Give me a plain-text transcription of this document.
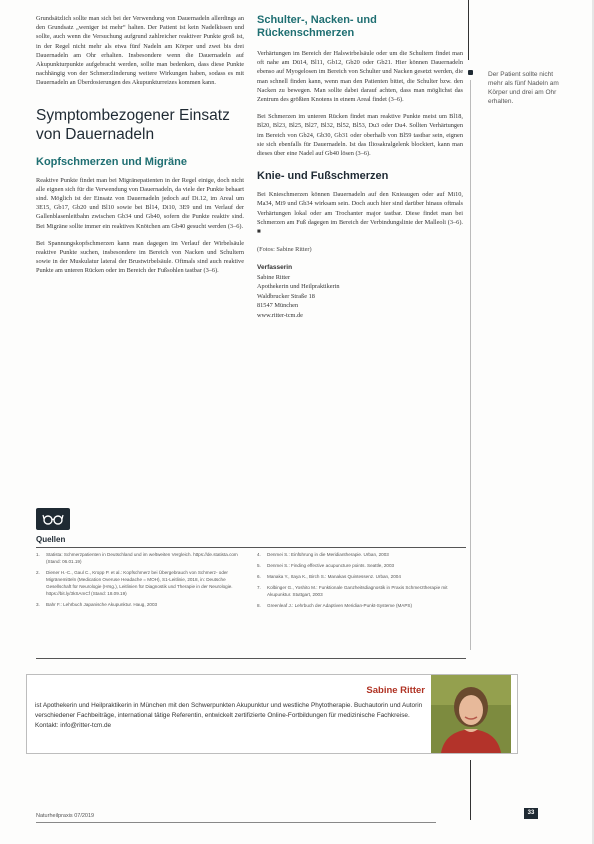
Grundsätzlich sollte man sich bei der Verwendung von Dauernadeln allerdings an den Grundsatz „weniger ist mehr“ halten. Der Patient ist kein Nadelkissen und sollte, auch wenn die Versuchung aufgrund zahlreicher reaktiver Punkte groß ist, in der Regel nicht mehr als etwa fünf Nadeln am Körper und zwei bis drei Dauernadeln am Ohr erhalten. Insbesondere wenn die Dauernadeln auf Akupunkturpunkte aufgebracht werden, sollte man bedenken, dass diese Punkte nachhängig von der Schmerzlinderung weitere Wirkungen haben, sodass es mit Dauernadeln an Überdosierungen des Akupunkturreizes kommen kann.

Symptombezogener Einsatz von Dauernadeln
Kopfschmerzen und Migräne

Reaktive Punkte findet man bei Migränepatienten in der Regel einige, doch nicht alle eignen sich für die Verwendung von Dauernadeln, da viele der Punkte behaart sind. Möglich ist der Einsatz von Dauernadeln jedoch auf Di.12, im Areal um 3E15, Gb17, Gb20 und Bl10 sowie bei Bl14, Di10, 3E9 und im Verlauf der Gallenblasenleitbahn zwischen Gb34 und Gb40, sofern die Punkte reaktiv sind. Bei Migräne sollte immer ein reaktives Knötchen am Gb40 gesucht werden (3–6).

Bei Spannungskopfschmerzen kann man dagegen im Verlauf der Wirbelsäule reaktive Punkte suchen, insbesondere im Bereich von Nacken und Schultern sowie in der Muskulatur lateral der Brustwirbelsäule. Oftmals sind auch reaktive Punkte am unteren Rücken oder im Bereich der Fußsohlen tastbar (3–6).

Schulter-, Nacken- und Rückenschmerzen

Verhärtungen im Bereich der Halswirbelsäule oder um die Schultern findet man oft nahe am Dü14, Bl11, Gb12, Gb20 oder Gb21. Hier können Dauernadeln ebenso auf Myogelosen im Bereich von Schulter und Nacken gesetzt werden, die man schnell finden kann, wenn man den Patienten bittet, die Schulter bzw. den Nacken zu bewegen. Man sollte dabei darauf achten, dass man möglichst das Zentrum des größten Knotens in einem Areal findet (3–6).

Bei Schmerzen im unteren Rücken findet man reaktive Punkte meist um Bl18, Bl20, Bl23, Bl25, Bl27, Bl32, Bl52, Bl53, Du3 oder Du4. Sollten Verhärtungen im Bereich von Gb24, Gb30, Gb31 oder oberhalb von Bl59 tastbar sein, eignen sie sich ebenfalls für Dauernadeln. Ist das Iliosakralgelenk blockiert, kann man dieses über eine Nadel auf Gb40 lösen (3–6).

Knie- und Fußschmerzen

Bei Knieschmerzen können Dauernadeln auf den Knieaugen oder auf Mi10, Ma34, Mi9 und Gb34 wirksam sein. Doch auch hier sind darüber hinaus oftmals Verhärtungen lokal oder am Trochanter major tastbar. Diese findet man bei Schmerzen am Fuß dagegen im Bereich der Verbindungslinie der Malleoli (3–6). ■

(Fotos: Sabine Ritter)

Verfasserin
Sabine Ritter
Apothekerin und Heilpraktikerin
Waldbrucker Straße 18
81547 München
www.ritter-tcm.de

Der Patient sollte nicht mehr als fünf Nadeln am Körper und drei am Ohr erhalten.

Quellen
1.	Statista: Schmerzpatienten in Deutschland und im weltweiten Vergleich. https://de.statista.com (Stand: 06.01.19)
2.	Diener H.-C., Gaul C., Kropp P. et al.: Kopfschmerz bei Übergebrauch von Schmerz- oder Migränemitteln (Medication Overuse Headache = MOH), S1-Leitlinie, 2018, in: Deutsche Gesellschaft für Neurologie (Hrsg.), Leitlinien für Diagnostik und Therapie in der Neurologie. https://bit.ly/3kSAmCf (Stand: 18.09.19)
3.	Bahr F.: Lehrbuch Japanische Akupunktur. Haug, 2003
4.	Denmei S.: Einführung in die Meridiantherapie. Urban, 2003
5.	Denmei S.: Finding effective acupuncture points. Seattle, 2003
6.	Manaka Y., Itaya K., Birch S.: Manakas Quintessenz. Urban, 2004
7.	Kolbinger G., Yoshito M.: Funktionale Ganzheitsdiagnostik in Praxis Schmerztherapie mit Akupunktur. Stuttgart, 2003
8.	Greenleaf J.: Lehrbuch der Adaptiven Meridian-Punkt-Systeme (MAPS)
Sabine Ritter

ist Apothekerin und Heilpraktikerin in München mit den Schwerpunkten Akupunktur und westliche Phytotherapie. Buchautorin und Autorin verschiedener Fachbeiträge, international tätige Referentin, entwickelt zertifizierte Online-Fortbildungen für medizinische Fachkreise. Kontakt: info@ritter-tcm.de

Naturheilpraxis 07/2019	33
